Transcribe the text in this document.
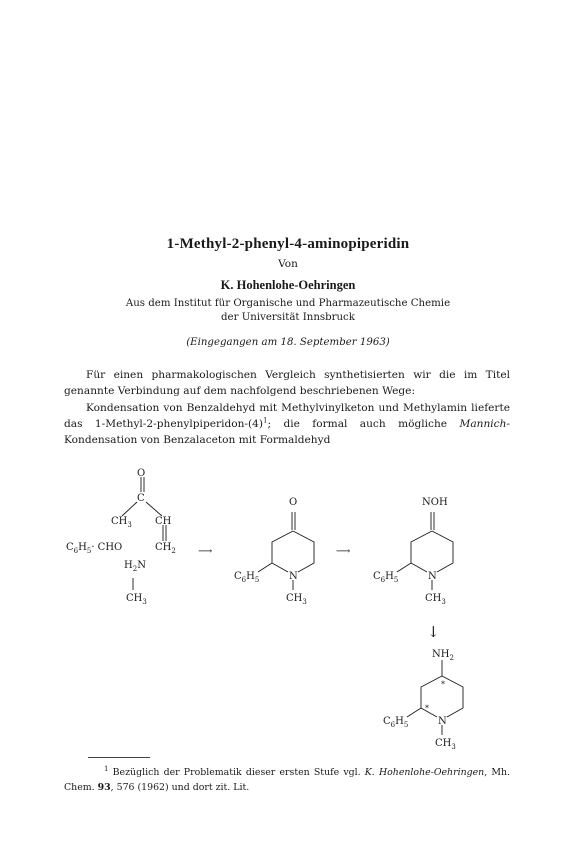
1-Methyl-2-phenyl-4-aminopiperidin
Von
K. Hohenlohe-Oehringen
Aus dem Institut für Organische und Pharmazeutische Chemie
der Universität Innsbruck
(Eingegangen am 18. September 1963)

Für einen pharmakologischen Vergleich synthetisierten wir die im Titel genannte Verbindung auf dem nachfolgend beschriebenen Wege:

Kondensation von Benzaldehyd mit Methylvinylketon und Methylamin lieferte das $1-Methyl-2-phenylpiperidon-(4)^1$; die formal auch mögliche Mannich-Kondensation von Benzalaceton mit Formaldehyd

O
C
$CH_3$ CH
$C_6H_5\cdot$ CHO	$CH_2$
$H_2N$
$CH_3$
⟶	⟶
↓
O
N
$C_6H_5$
$CH_3$
NOH
N
$C_6H_5$
$CH_3$
$NH_2$
*
*
N
$C_6H_5$
$CH_3$

$^1$ Bezüglich der Problematik dieser ersten Stufe vgl. K. Hohenlohe-Oehringen, Mh. Chem. 93, 576 (1962) und dort zit. Lit.
